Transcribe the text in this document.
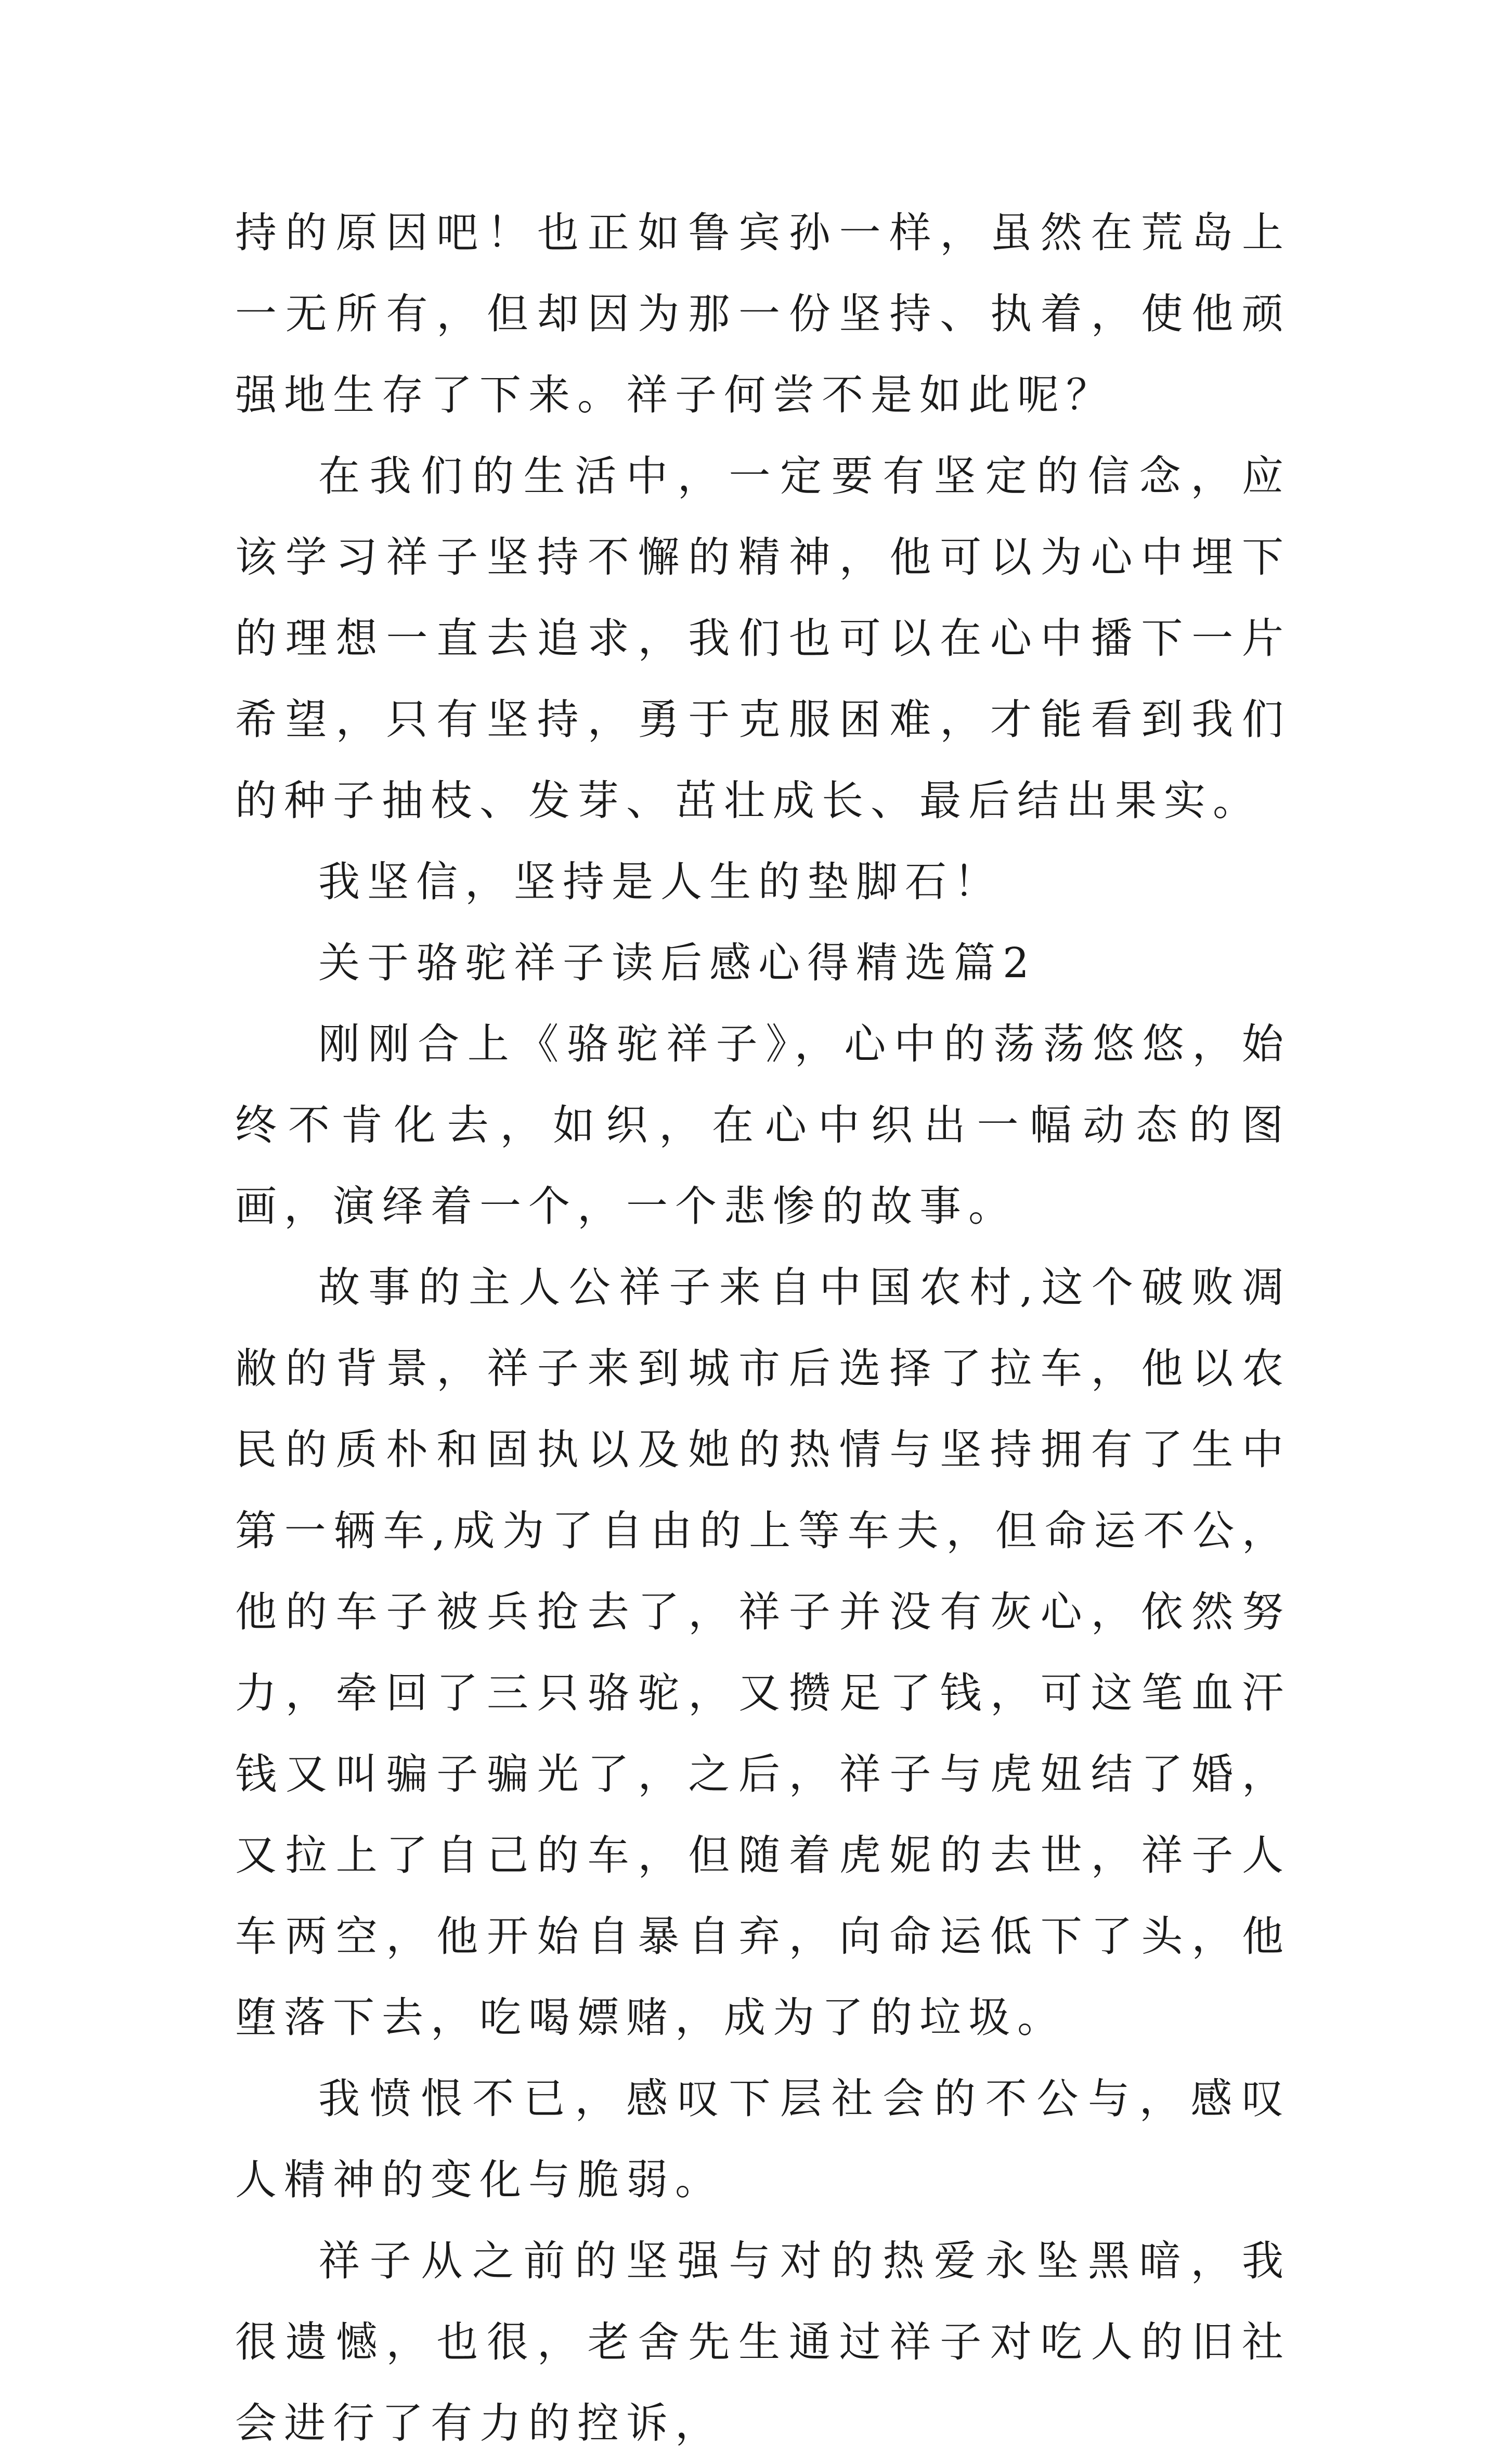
持的原因吧！也正如鲁宾孙一样，虽然在荒岛上一无所有，但却因为那一份坚持、执着，使他顽强地生存了下来。祥子何尝不是如此呢？

在我们的生活中，一定要有坚定的信念，应该学习祥子坚持不懈的精神，他可以为心中埋下的理想一直去追求，我们也可以在心中播下一片希望，只有坚持，勇于克服困难，才能看到我们的种子抽枝、发芽、茁壮成长、最后结出果实。

我坚信，坚持是人生的垫脚石！

关于骆驼祥子读后感心得精选篇2

刚刚合上《骆驼祥子》，心中的荡荡悠悠，始终不肯化去，如织，在心中织出一幅动态的图画，演绎着一个，一个悲惨的故事。

故事的主人公祥子来自中国农村,这个破败凋敝的背景，祥子来到城市后选择了拉车，他以农民的质朴和固执以及她的热情与坚持拥有了生中第一辆车,成为了自由的上等车夫，但命运不公，他的车子被兵抢去了，祥子并没有灰心，依然努力，牵回了三只骆驼，又攒足了钱，可这笔血汗钱又叫骗子骗光了，之后，祥子与虎妞结了婚，又拉上了自己的车，但随着虎妮的去世，祥子人车两空，他开始自暴自弃，向命运低下了头，他堕落下去，吃喝嫖赌，成为了的垃圾。

我愤恨不已，感叹下层社会的不公与，感叹人精神的变化与脆弱。

祥子从之前的坚强与对的热爱永坠黑暗，我很遗憾，也很，老舍先生通过祥子对吃人的旧社会进行了有力的控诉，
